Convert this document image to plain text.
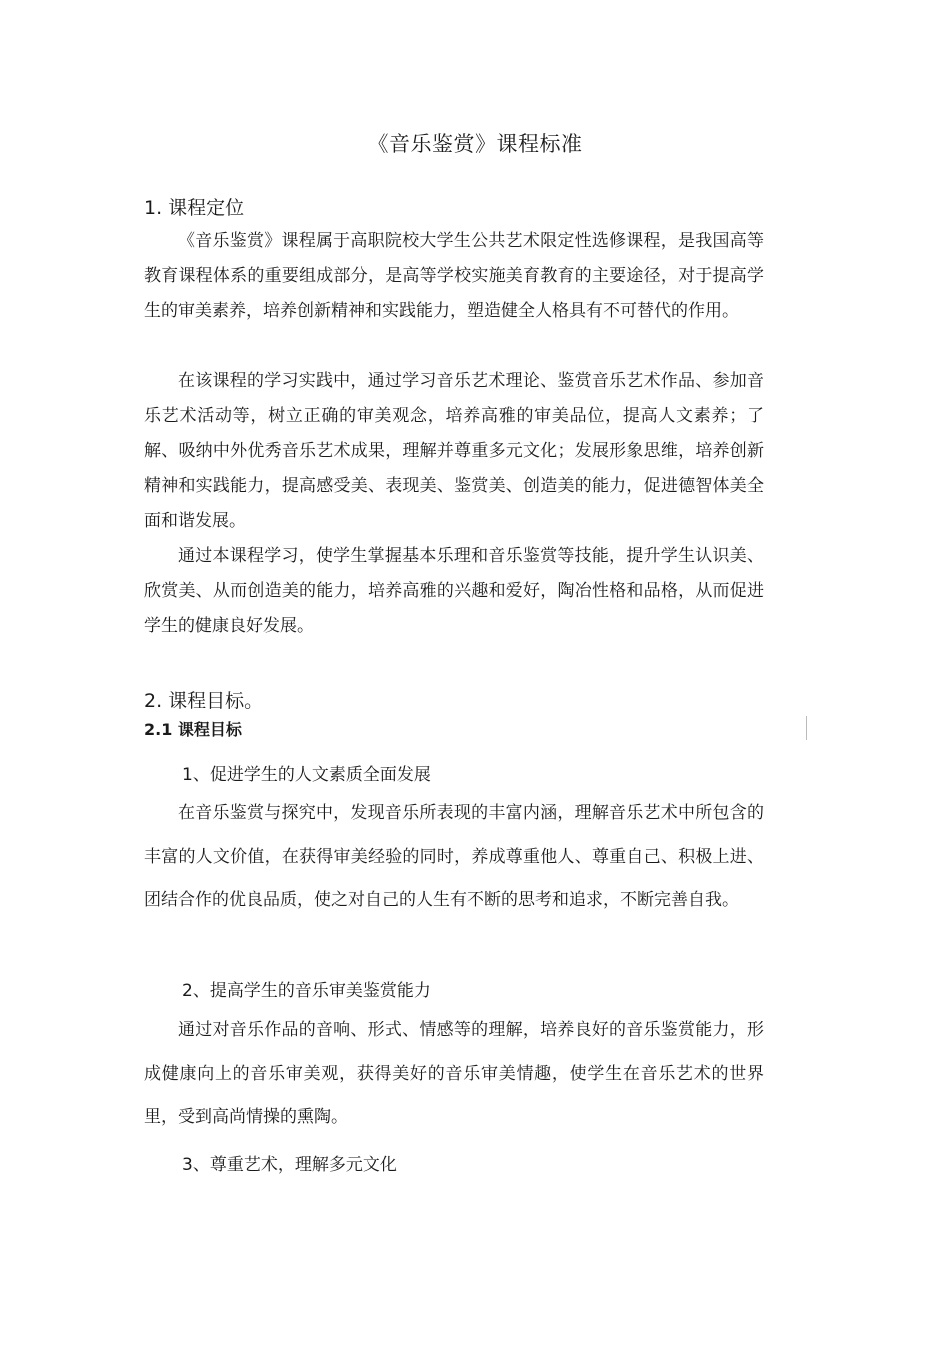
《音乐鉴赏》课程标准
1. 课程定位

《音乐鉴赏》课程属于高职院校大学生公共艺术限定性选修课程，是我国高等教育课程体系的重要组成部分，是高等学校实施美育教育的主要途径，对于提高学生的审美素养，培养创新精神和实践能力，塑造健全人格具有不可替代的作用。

在该课程的学习实践中，通过学习音乐艺术理论、鉴赏音乐艺术作品、参加音乐艺术活动等，树立正确的审美观念，培养高雅的审美品位，提高人文素养；了解、吸纳中外优秀音乐艺术成果，理解并尊重多元文化；发展形象思维，培养创新精神和实践能力，提高感受美、表现美、鉴赏美、创造美的能力，促进德智体美全面和谐发展。

通过本课程学习，使学生掌握基本乐理和音乐鉴赏等技能，提升学生认识美、欣赏美、从而创造美的能力，培养高雅的兴趣和爱好，陶冶性格和品格，从而促进学生的健康良好发展。

2. 课程目标。
2.1 课程目标

1、促进学生的人文素质全面发展

在音乐鉴赏与探究中，发现音乐所表现的丰富内涵，理解音乐艺术中所包含的丰富的人文价值，在获得审美经验的同时，养成尊重他人、尊重自己、积极上进、团结合作的优良品质，使之对自己的人生有不断的思考和追求，不断完善自我。

2、提高学生的音乐审美鉴赏能力

通过对音乐作品的音响、形式、情感等的理解，培养良好的音乐鉴赏能力，形成健康向上的音乐审美观，获得美好的音乐审美情趣，使学生在音乐艺术的世界里，受到高尚情操的熏陶。

3、尊重艺术，理解多元文化
